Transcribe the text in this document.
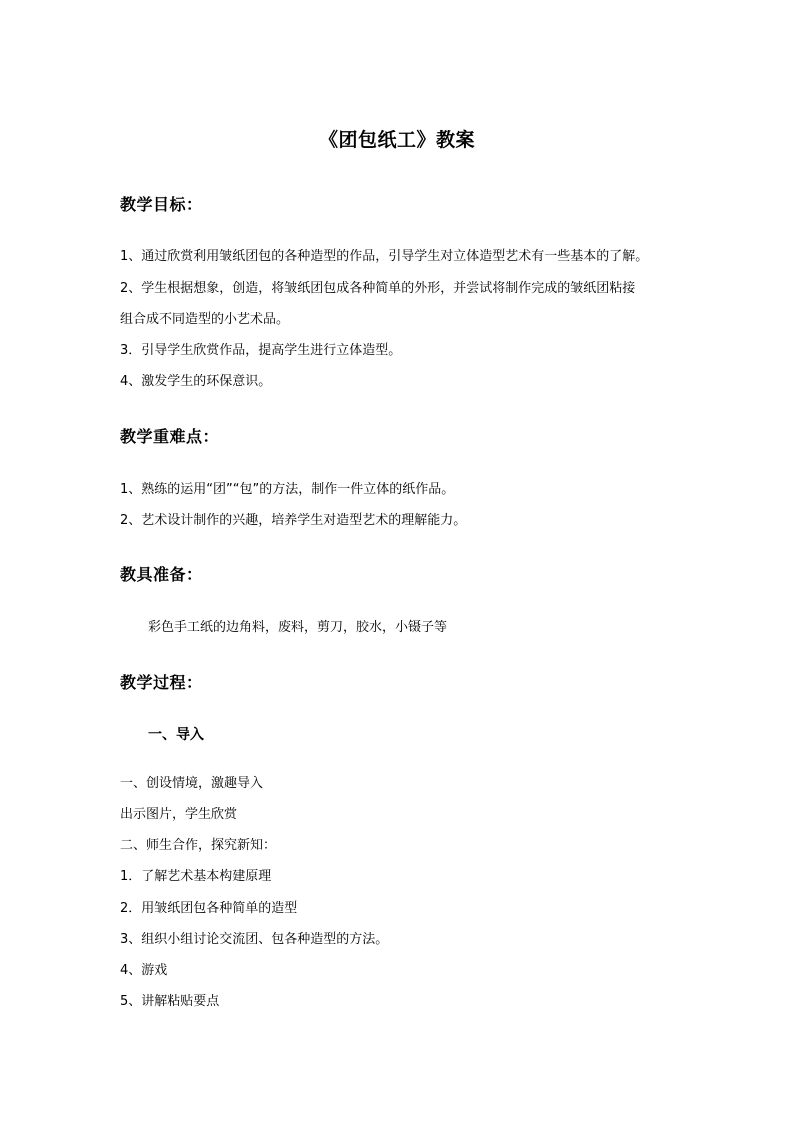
《团包纸工》教案
教学目标：
1、通过欣赏利用皱纸团包的各种造型的作品，引导学生对立体造型艺术有一些基本的了解。
2、学生根据想象，创造，将皱纸团包成各种简单的外形，并尝试将制作完成的皱纸团粘接
组合成不同造型的小艺术品。
3．引导学生欣赏作品，提高学生进行立体造型。
4、激发学生的环保意识。
教学重难点：
1、熟练的运用“团”“包”的方法，制作一件立体的纸作品。
2、艺术设计制作的兴趣，培养学生对造型艺术的理解能力。
教具准备：
彩色手工纸的边角料，废料，剪刀，胶水，小镊子等
教学过程：
一、导入
一、创设情境，激趣导入
出示图片，学生欣赏
二、师生合作，探究新知：
1．了解艺术基本构建原理
2．用皱纸团包各种简单的造型
3、组织小组讨论交流团、包各种造型的方法。
4、游戏
5、讲解粘贴要点
